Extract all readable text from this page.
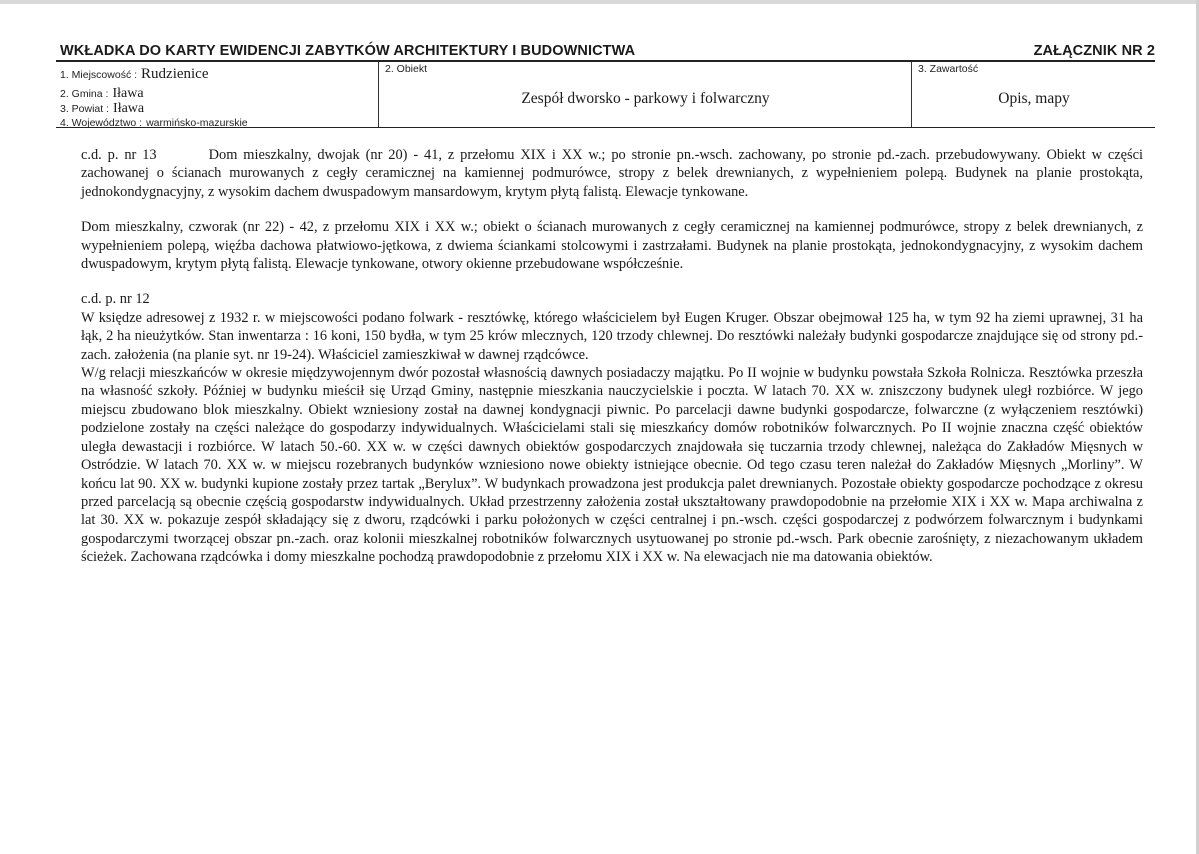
WKŁADKA DO KARTY EWIDENCJI ZABYTKÓW ARCHITEKTURY I BUDOWNICTWA	ZAŁĄCZNIK NR 2
1. Miejscowość : Rudzienice
2. Gmina : Iława
3. Powiat : Iława
4. Województwo : warmińsko-mazurskie
2. Obiekt
Zespół dworsko - parkowy i folwarczny
3. Zawartość
Opis, mapy

c.d. p. nr 13	Dom mieszkalny, dwojak (nr 20) - 41, z przełomu XIX i XX w.; po stronie pn.-wsch. zachowany, po stronie pd.-zach. przebudowywany. Obiekt w części zachowanej o ścianach murowanych z cegły ceramicznej na kamiennej podmurówce, stropy z belek drewnianych, z wypełnieniem polepą. Budynek na planie prostokąta, jednokondygnacyjny, z wysokim dachem dwuspadowym mansardowym, krytym płytą falistą. Elewacje tynkowane.

Dom mieszkalny, czworak (nr 22) - 42, z przełomu XIX i XX w.; obiekt o ścianach murowanych z cegły ceramicznej na kamiennej podmurówce, stropy z belek drewnianych, z wypełnieniem polepą, więźba dachowa płatwiowo-jętkowa, z dwiema ściankami stolcowymi i zastrzałami. Budynek na planie prostokąta, jednokondygnacyjny, z wysokim dachem dwuspadowym, krytym płytą falistą. Elewacje tynkowane, otwory okienne przebudowane współcześnie.

c.d. p. nr 12

W księdze adresowej z 1932 r. w miejscowości podano folwark - resztówkę, którego właścicielem był Eugen Kruger. Obszar obejmował 125 ha, w tym 92 ha ziemi uprawnej, 31 ha łąk, 2 ha nieużytków. Stan inwentarza : 16 koni, 150 bydła, w tym 25 krów mlecznych, 120 trzody chlewnej. Do resztówki należały budynki gospodarcze znajdujące się od strony pd.-zach. założenia (na planie syt. nr 19-24). Właściciel zamieszkiwał w dawnej rządcówce.

W/g relacji mieszkańców w okresie międzywojennym dwór pozostał własnością dawnych posiadaczy majątku. Po II wojnie w budynku powstała Szkoła Rolnicza. Resztówka przeszła na własność szkoły. Później w budynku mieścił się Urząd Gminy, następnie mieszkania nauczycielskie i poczta. W latach 70. XX w. zniszczony budynek uległ rozbiórce. W jego miejscu zbudowano blok mieszkalny. Obiekt wzniesiony został na dawnej kondygnacji piwnic. Po parcelacji dawne budynki gospodarcze, folwarczne (z wyłączeniem resztówki) podzielone zostały na części należące do gospodarzy indywidualnych. Właścicielami stali się mieszkańcy domów robotników folwarcznych. Po II wojnie znaczna część obiektów uległa dewastacji i rozbiórce. W latach 50.-60. XX w. w części dawnych obiektów gospodarczych znajdowała się tuczarnia trzody chlewnej, należąca do Zakładów Mięsnych w Ostródzie. W latach 70. XX w. w miejscu rozebranych budynków wzniesiono nowe obiekty istniejące obecnie. Od tego czasu teren należał do Zakładów Mięsnych „Morliny”. W końcu lat 90. XX w. budynki kupione zostały przez tartak „Berylux”. W budynkach prowadzona jest produkcja palet drewnianych. Pozostałe obiekty gospodarcze pochodzące z okresu przed parcelacją są obecnie częścią gospodarstw indywidualnych. Układ przestrzenny założenia został ukształtowany prawdopodobnie na przełomie XIX i XX w. Mapa archiwalna z lat 30. XX w. pokazuje zespół składający się z dworu, rządcówki i parku położonych w części centralnej i pn.-wsch. części gospodarczej z podwórzem folwarcznym i budynkami gospodarczymi tworzącej obszar pn.-zach. oraz kolonii mieszkalnej robotników folwarcznych usytuowanej po stronie pd.-wsch. Park obecnie zarośnięty, z niezachowanym układem ścieżek. Zachowana rządcówka i domy mieszkalne pochodzą prawdopodobnie z przełomu XIX i XX w. Na elewacjach nie ma datowania obiektów.
